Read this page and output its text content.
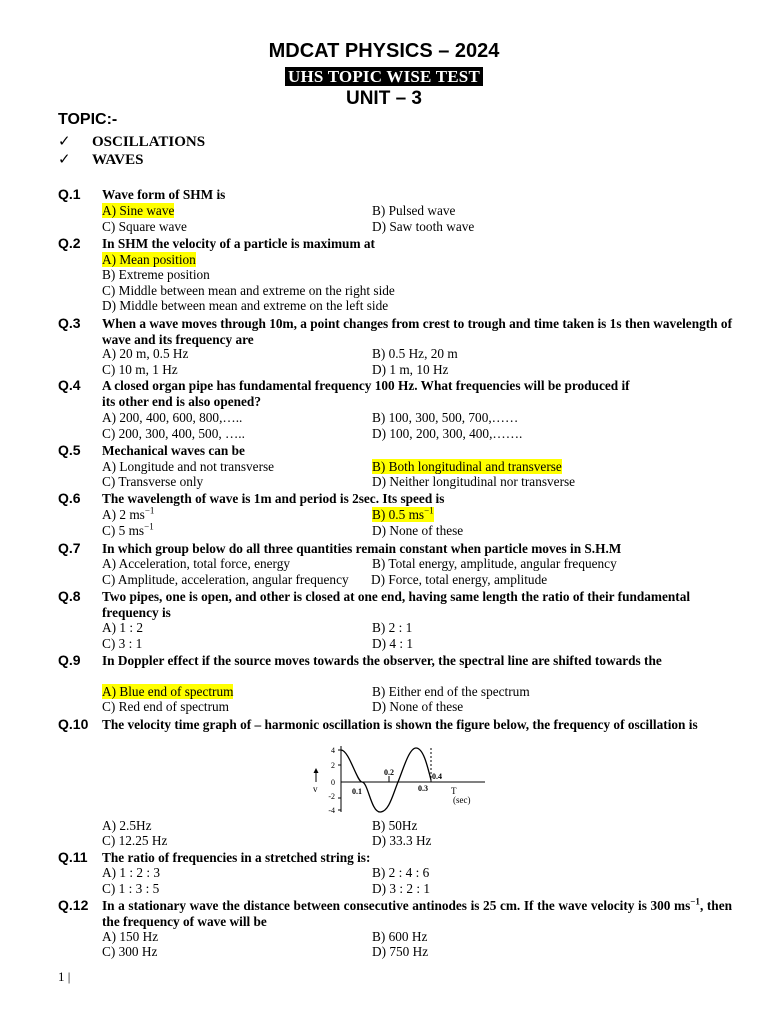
MDCAT PHYSICS – 2024
UHS TOPIC WISE TEST
UNIT – 3
TOPIC:-
✓ OSCILLATIONS
✓ WAVES
Q.1 Wave form of SHM is
A) Sine wave	B) Pulsed wave
C) Square wave	D) Saw tooth wave
Q.2 In SHM the velocity of a particle is maximum at
A) Mean position
B) Extreme position
C) Middle between mean and extreme on the right side
D) Middle between mean and extreme on the left side
Q.3 When a wave moves through 10m, a point changes from crest to trough and time taken is 1s then wavelength of wave and its frequency are
A) 20 m, 0.5 Hz	B) 0.5 Hz, 20 m
C) 10 m, 1 Hz	D) 1 m, 10 Hz
Q.4 A closed organ pipe has fundamental frequency 100 Hz. What frequencies will be produced if its other end is also opened?
A) 200, 400, 600, 800,…..	B) 100, 300, 500, 700,……
C) 200, 300, 400, 500, …..	D) 100, 200, 300, 400,…….
Q.5 Mechanical waves can be
A) Longitude and not transverse	B) Both longitudinal and transverse
C) Transverse only	D) Neither longitudinal nor transverse
Q.6 The wavelength of wave is 1m and period is 2sec. Its speed is
A) 2 $ms^{-1}$	B) 0.5 $ms^{-1}$
C) 5 $ms^{-1}$	D) None of these
Q.7 In which group below do all three quantities remain constant when particle moves in S.H.M
A) Acceleration, total force, energy	B) Total energy, amplitude, angular frequency
C) Amplitude, acceleration, angular frequency D) Force, total energy, amplitude
Q.8 Two pipes, one is open, and other is closed at one end, having same length the ratio of their fundamental frequency is
A) 1 : 2	B) 2 : 1
C) 3 : 1	D) 4 : 1
Q.9 In Doppler effect if the source moves towards the observer, the spectral line are shifted towards the
A) Blue end of spectrum	B) Either end of the spectrum
C) Red end of spectrum	D) None of these
Q.10 The velocity time graph of – harmonic oscillation is shown the figure below, the frequency of oscillation is
4
2
0
-2
-4
v	T
(sec)
0.1
0.2
0.3
0.4
A) 2.5Hz	B) 50Hz
C) 12.25 Hz	D) 33.3 Hz
Q.11 The ratio of frequencies in a stretched string is:
A) 1 : 2 : 3	B) 2 : 4 : 6
C) 1 : 3 : 5	D) 3 : 2 : 1
Q.12 In a stationary wave the distance between consecutive antinodes is 25 cm. If the wave velocity is 300 $ms^{-1}$, then the frequency of wave will be
A) 150 Hz	B) 600 Hz
C) 300 Hz	D) 750 Hz
1 |
